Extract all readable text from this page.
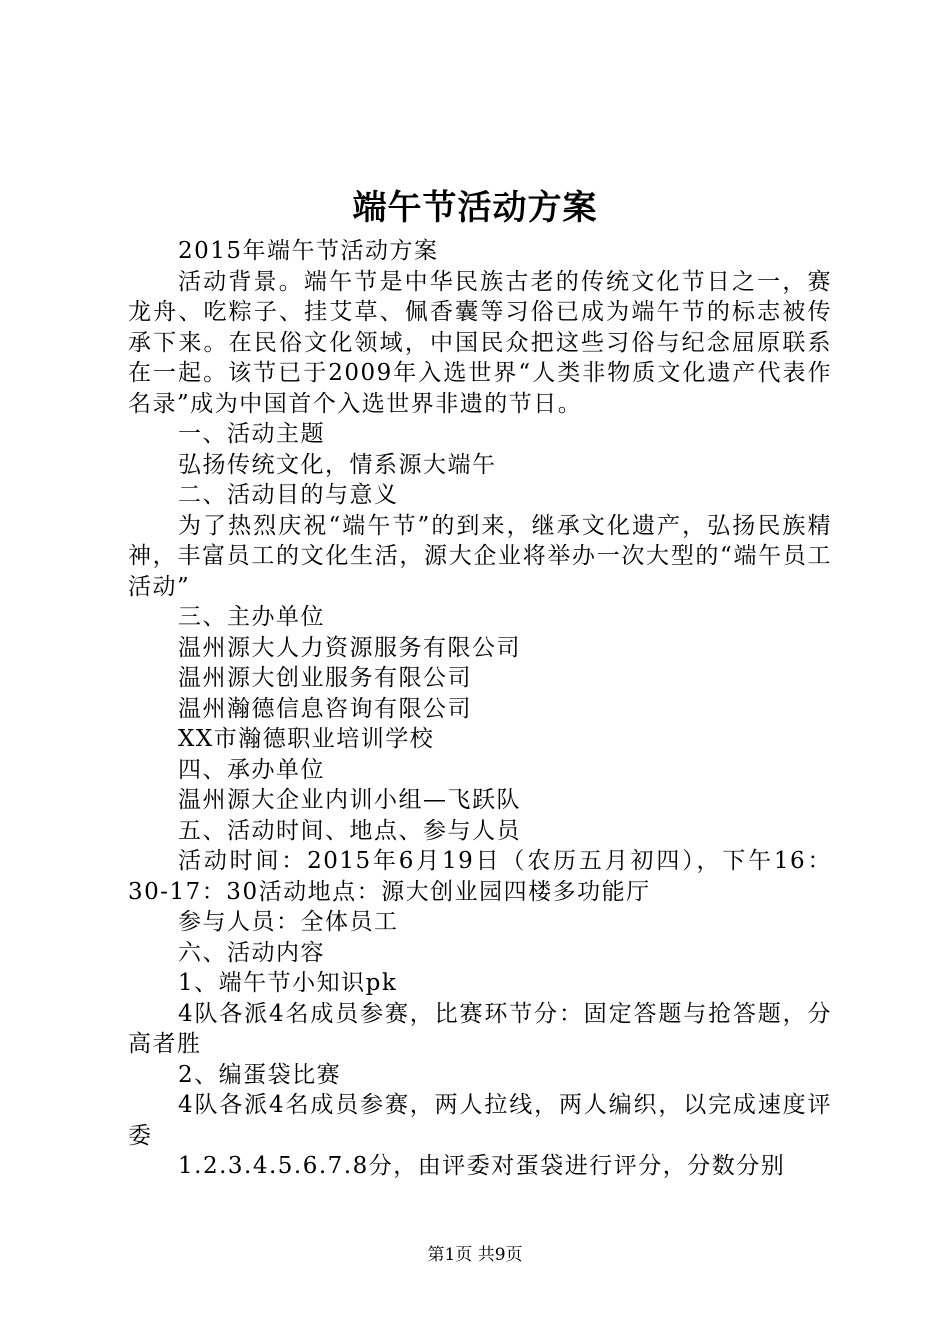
端午节活动方案

2015年端午节活动方案

活动背景。端午节是中华民族古老的传统文化节日之一，赛龙舟、吃粽子、挂艾草、佩香囊等习俗已成为端午节的标志被传承下来。在民俗文化领域，中国民众把这些习俗与纪念屈原联系在一起。该节已于2009年入选世界“人类非物质文化遗产代表作名录”成为中国首个入选世界非遗的节日。

一、活动主题

弘扬传统文化，情系源大端午

二、活动目的与意义

为了热烈庆祝“端午节”的到来，继承文化遗产，弘扬民族精神，丰富员工的文化生活，源大企业将举办一次大型的“端午员工活动”

三、主办单位

温州源大人力资源服务有限公司

温州源大创业服务有限公司

温州瀚德信息咨询有限公司

XX市瀚德职业培训学校

四、承办单位

温州源大企业内训小组—飞跃队

五、活动时间、地点、参与人员

活动时间：2015年6月19日（农历五月初四），下午16：30-17：30活动地点：源大创业园四楼多功能厅

参与人员：全体员工

六、活动内容

1、端午节小知识pk

4队各派4名成员参赛，比赛环节分：固定答题与抢答题，分高者胜

2、编蛋袋比赛

4队各派4名成员参赛，两人拉线，两人编织，以完成速度评委

1.2.3.4.5.6.7.8分，由评委对蛋袋进行评分，分数分别

第1页 共9页
